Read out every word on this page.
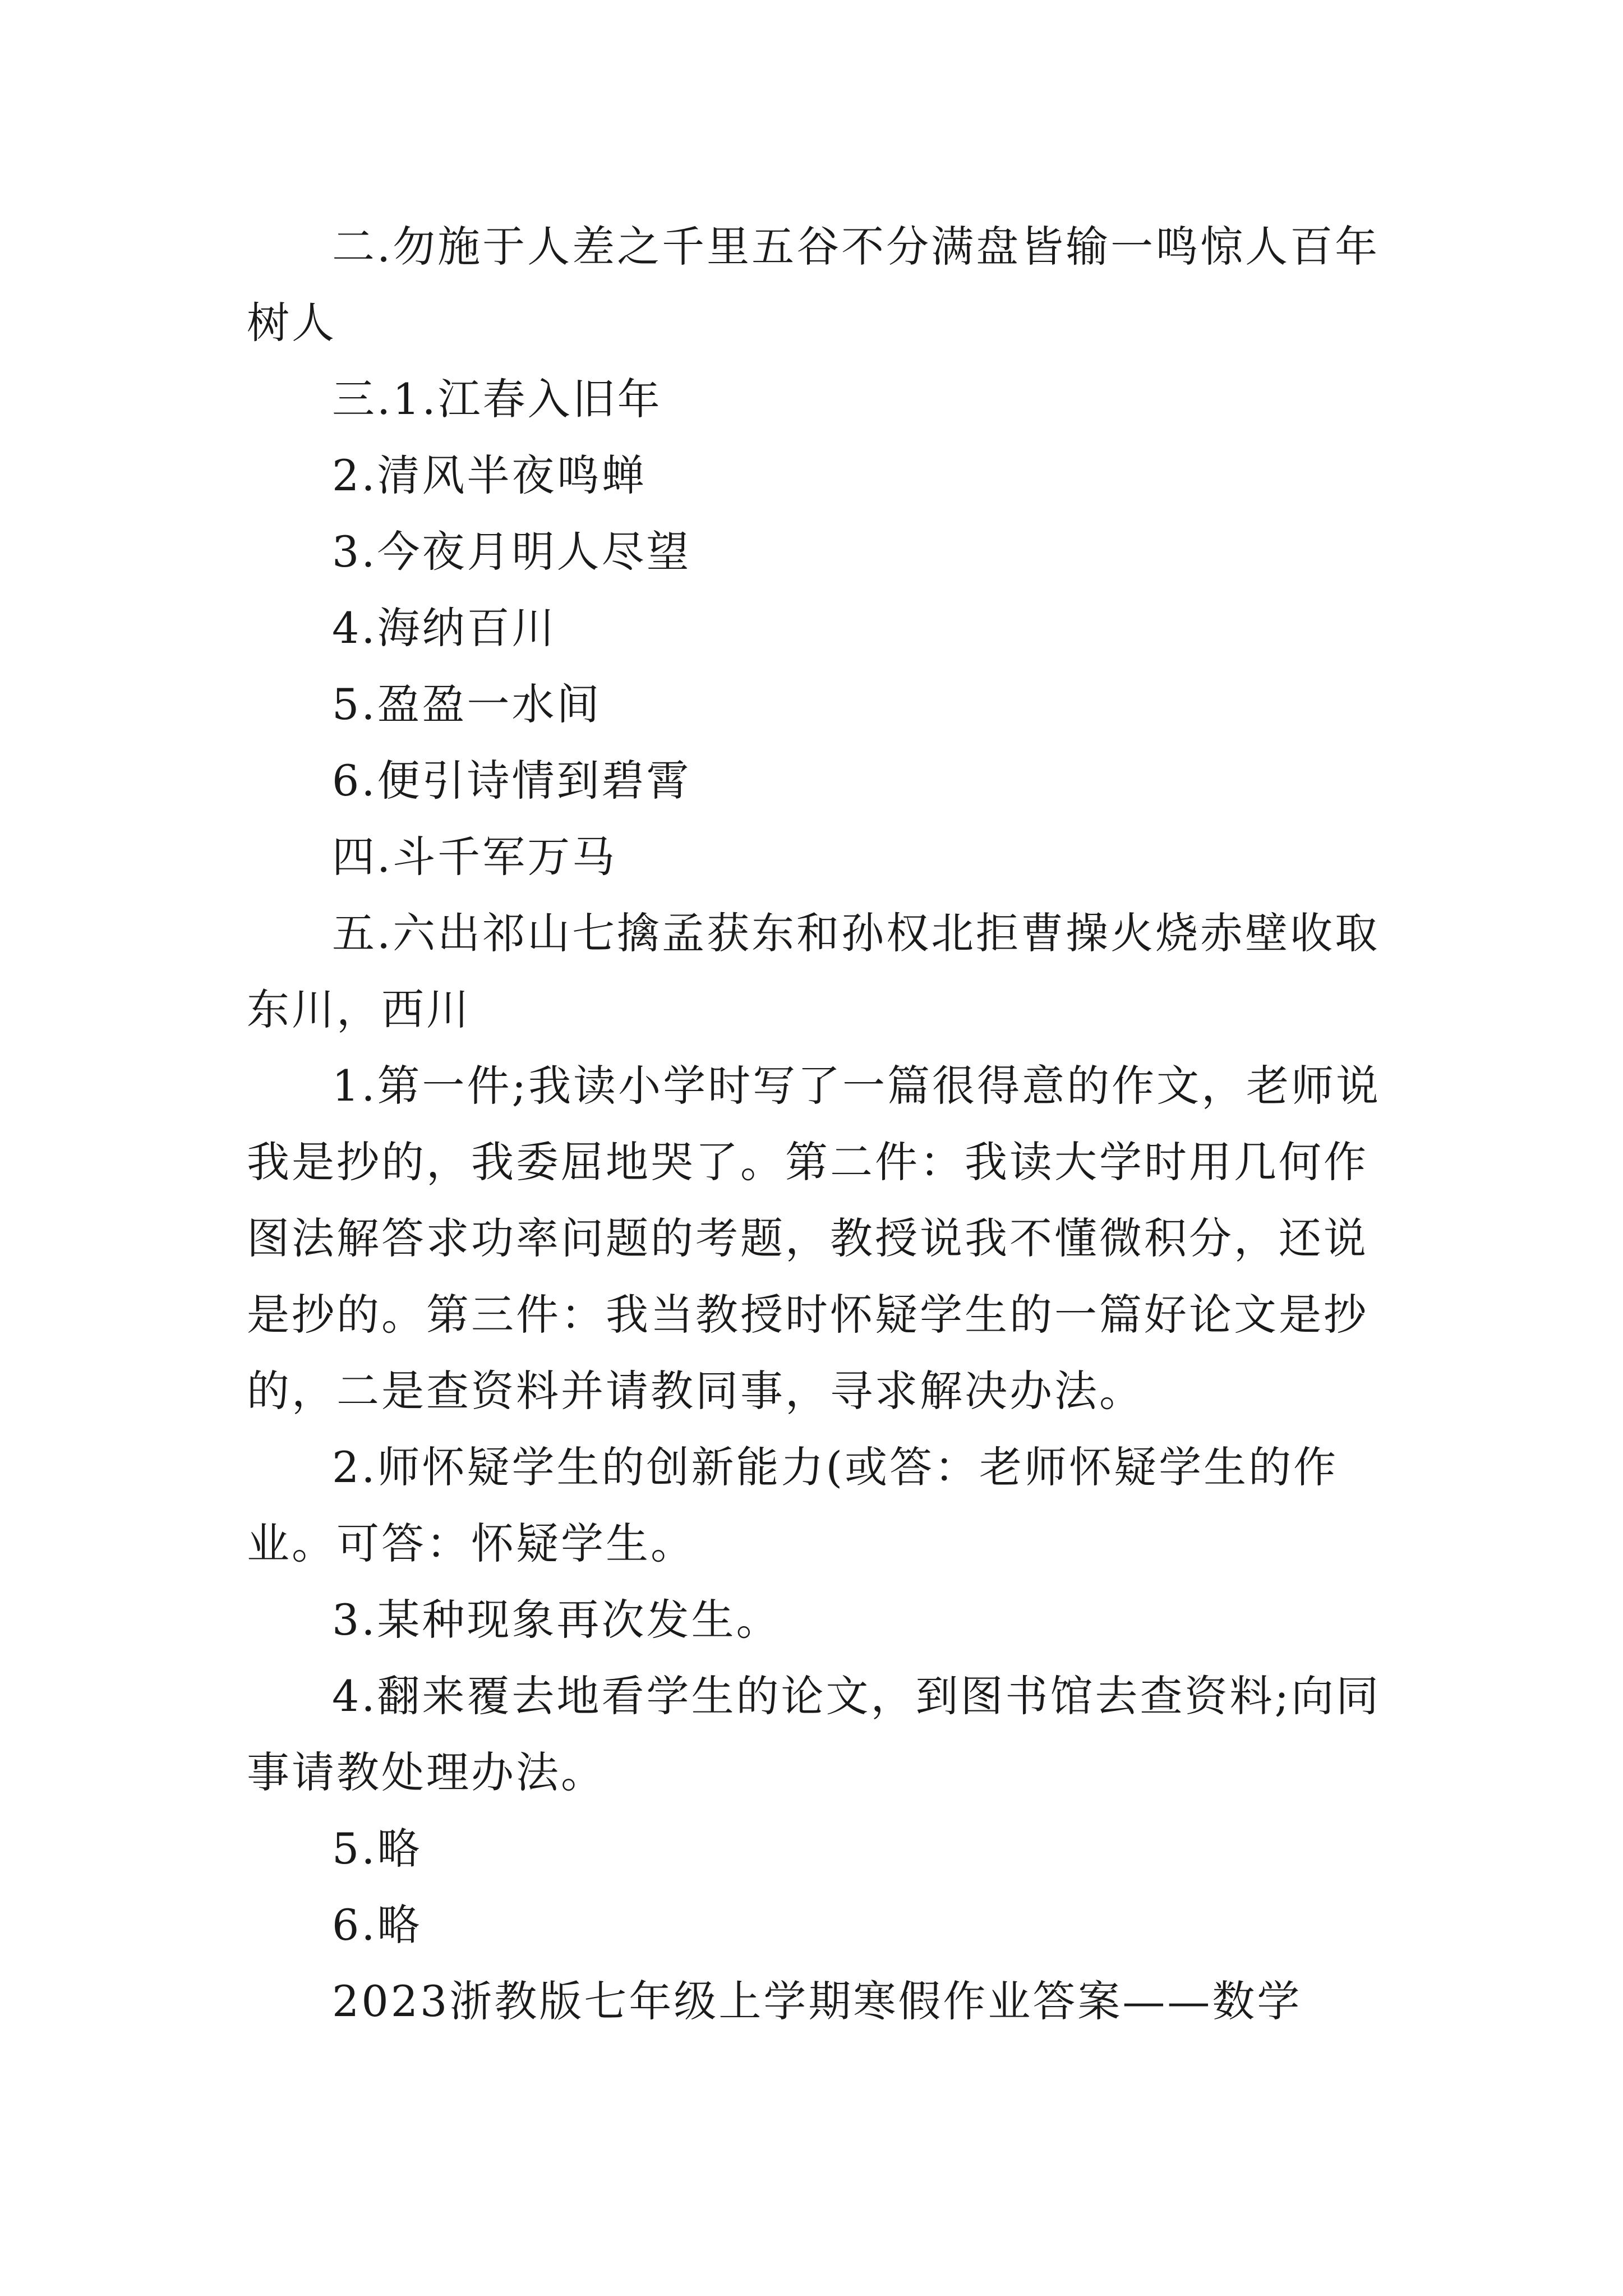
二.勿施于人差之千里五谷不分满盘皆输一鸣惊人百年树人

三.1.江春入旧年

2.清风半夜鸣蝉

3.今夜月明人尽望

4.海纳百川

5.盈盈一水间

6.便引诗情到碧霄

四.斗千军万马

五.六出祁山七擒孟获东和孙权北拒曹操火烧赤壁收取东川，西川

1.第一件;我读小学时写了一篇很得意的作文，老师说我是抄的，我委屈地哭了。第二件：我读大学时用几何作图法解答求功率问题的考题，教授说我不懂微积分，还说是抄的。第三件：我当教授时怀疑学生的一篇好论文是抄的，二是查资料并请教同事，寻求解决办法。

2.师怀疑学生的创新能力(或答：老师怀疑学生的作业。可答：怀疑学生。

3.某种现象再次发生。

4.翻来覆去地看学生的论文，到图书馆去查资料;向同事请教处理办法。

5.略

6.略

2023浙教版七年级上学期寒假作业答案——数学
